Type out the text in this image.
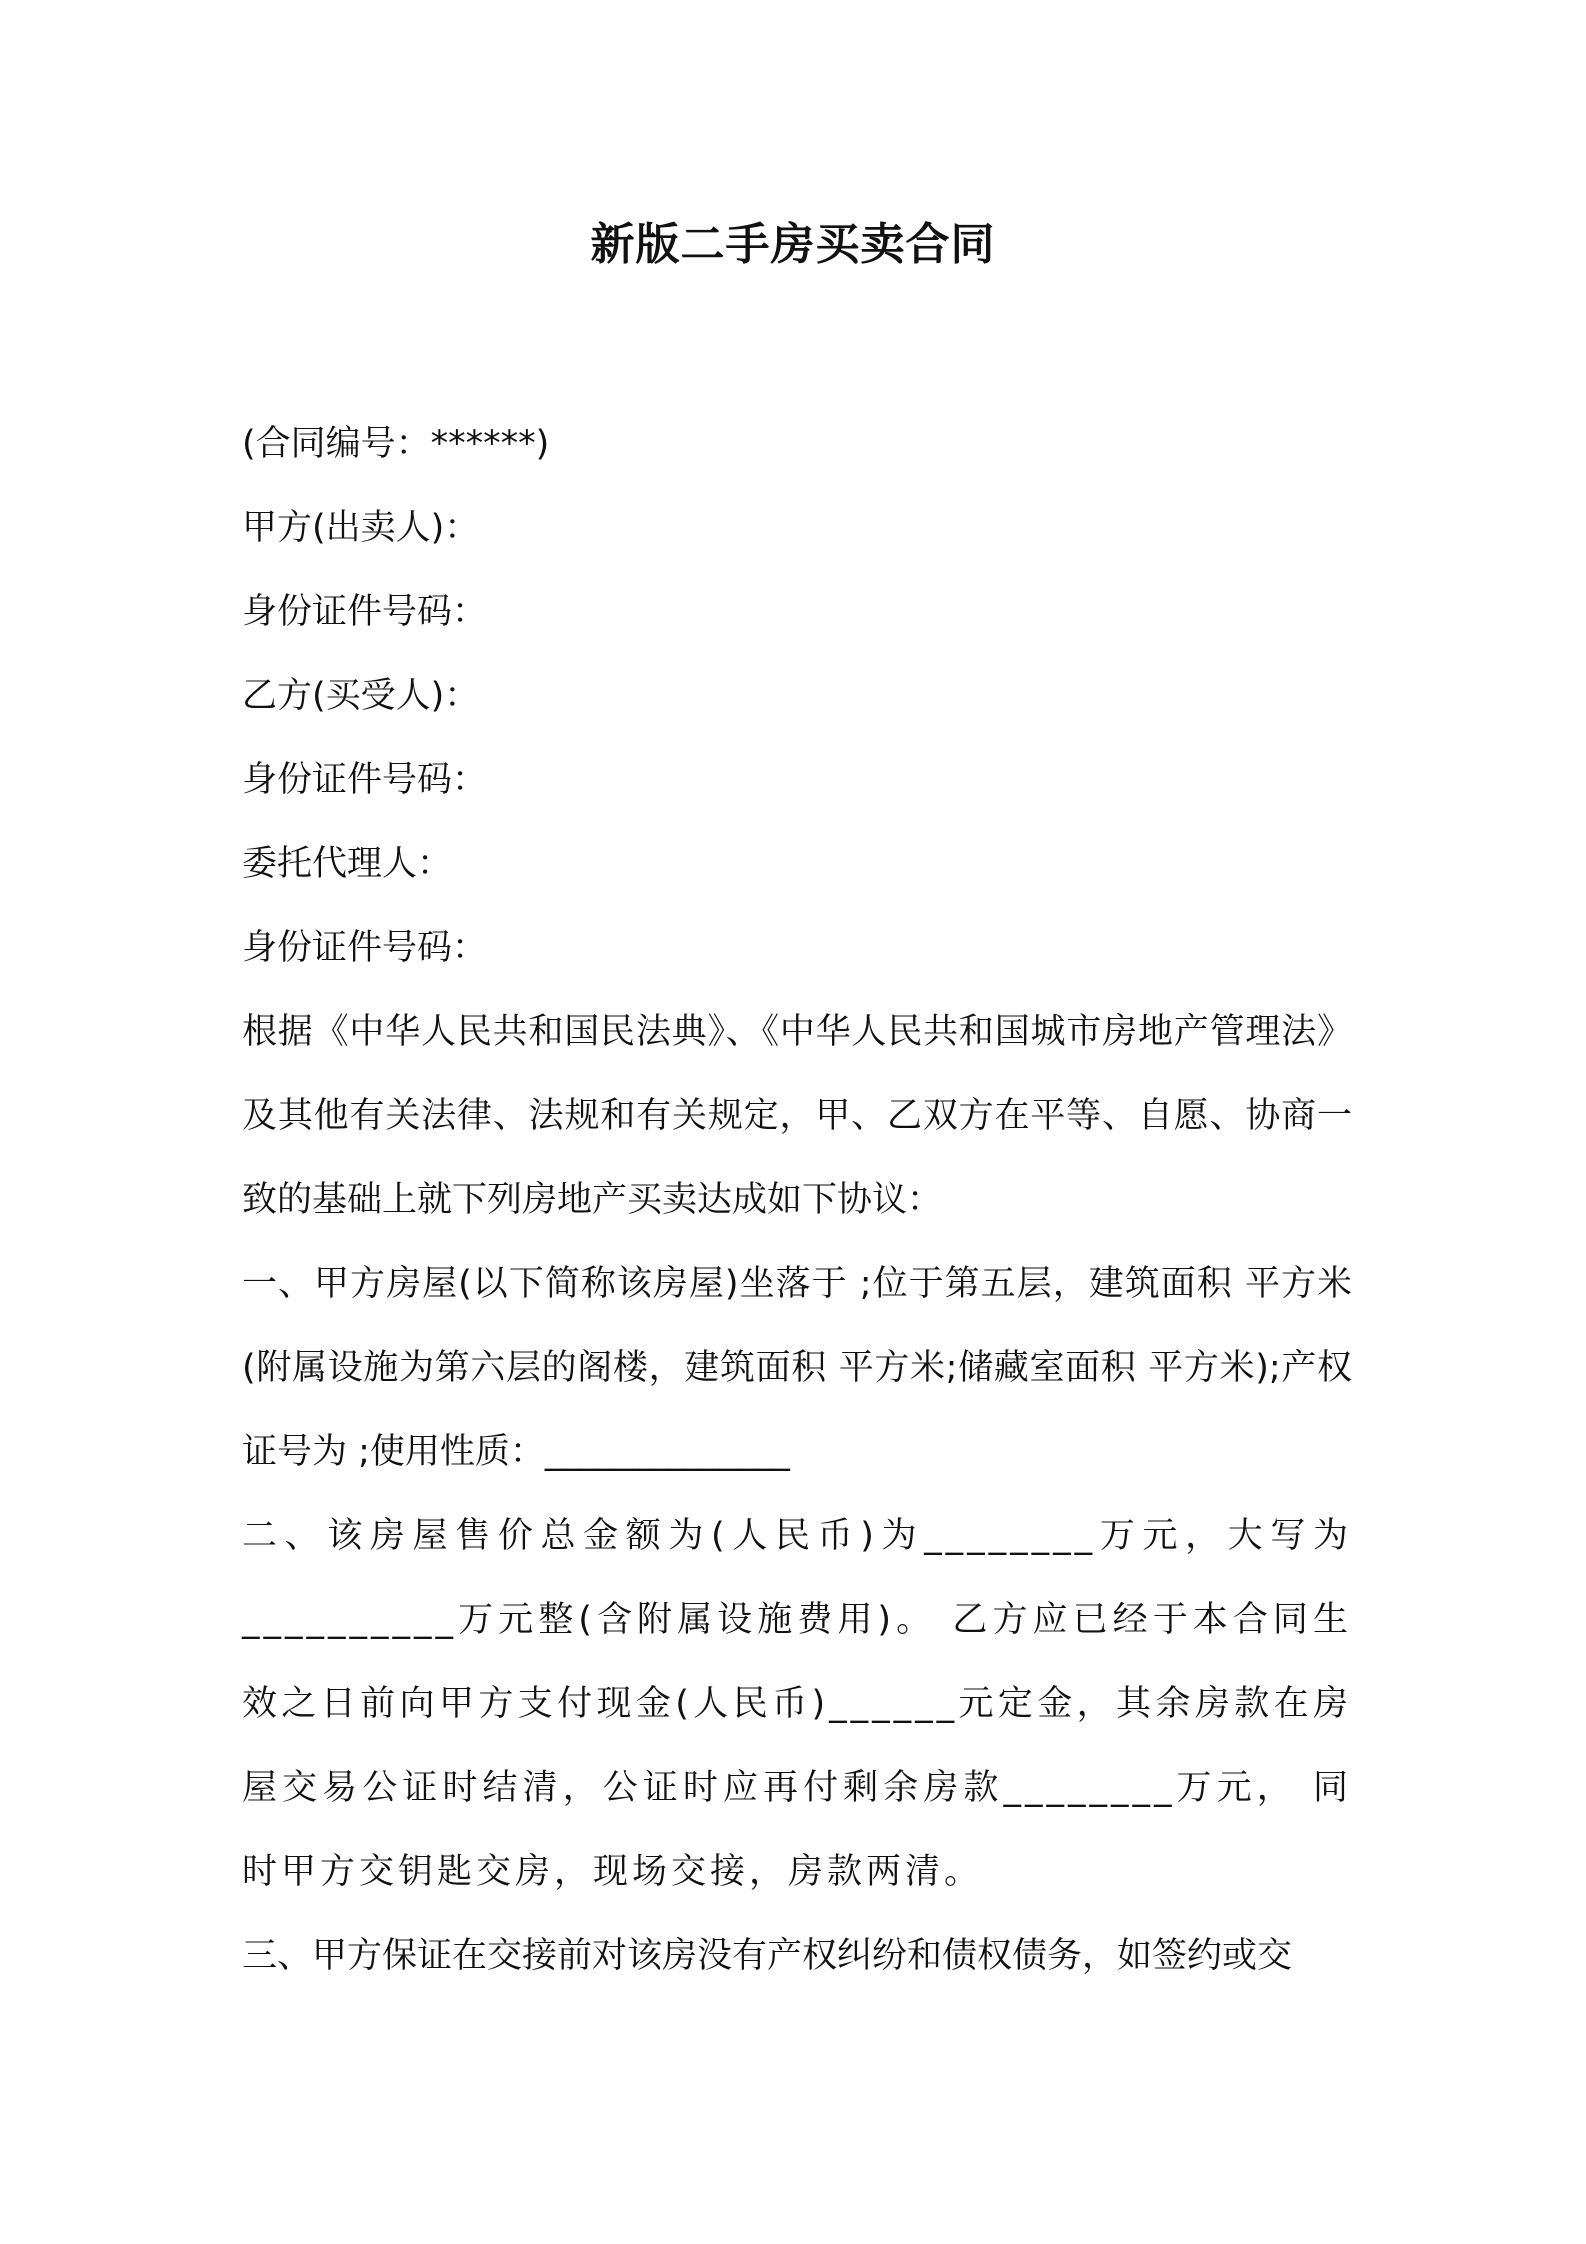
新版二手房买卖合同
(合同编号：******)
甲方(出卖人)：
身份证件号码：
乙方(买受人)：
身份证件号码：
委托代理人：
身份证件号码：
根据《中华人民共和国民法典》、《中华人民共和国城市房地产管理法》及其他有关法律、法规和有关规定，甲、乙双方在平等、自愿、协商一致的基础上就下列房地产买卖达成如下协议：
一、甲方房屋(以下简称该房屋)坐落于 ;位于第五层，建筑面积 平方米(附属设施为第六层的阁楼，建筑面积 平方米;储藏室面积 平方米);产权证号为 ;使用性质：______________
二、该房屋售价总金额为(人民币)为________万元，大写为__________万元整(含附属设施费用)。 乙方应已经于本合同生效之日前向甲方支付现金(人民币)______元定金，其余房款在房屋交易公证时结清，公证时应再付剩余房款________万元， 同时甲方交钥匙交房，现场交接，房款两清。
三、甲方保证在交接前对该房没有产权纠纷和债权债务，如签约或交
